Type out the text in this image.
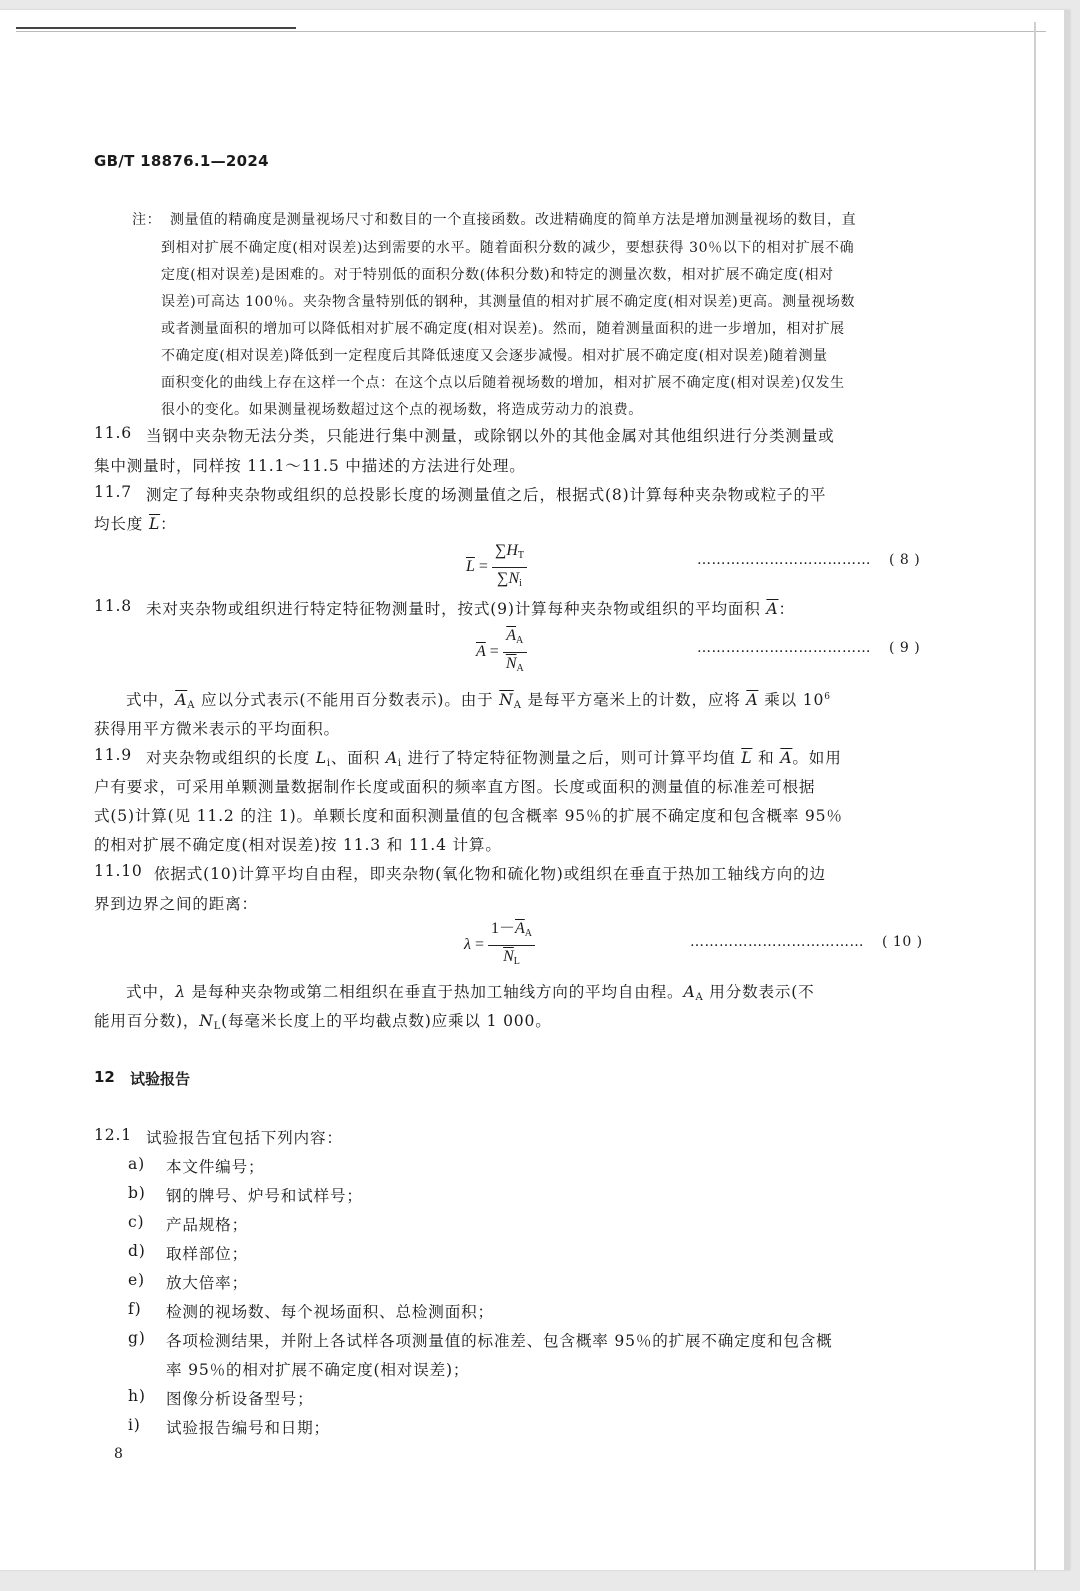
GB/T 18876.1—2024
注： 测量值的精确度是测量视场尺寸和数目的一个直接函数。改进精确度的简单方法是增加测量视场的数目，直
到相对扩展不确定度(相对误差)达到需要的水平。随着面积分数的减少，要想获得 30％以下的相对扩展不确
定度(相对误差)是困难的。对于特别低的面积分数(体积分数)和特定的测量次数，相对扩展不确定度(相对
误差)可高达 100％。夹杂物含量特别低的钢种，其测量值的相对扩展不确定度(相对误差)更高。测量视场数
或者测量面积的增加可以降低相对扩展不确定度(相对误差)。然而，随着测量面积的进一步增加，相对扩展
不确定度(相对误差)降低到一定程度后其降低速度又会逐步减慢。相对扩展不确定度(相对误差)随着测量
面积变化的曲线上存在这样一个点：在这个点以后随着视场数的增加，相对扩展不确定度(相对误差)仅发生
很小的变化。如果测量视场数超过这个点的视场数，将造成劳动力的浪费。
11.6 当钢中夹杂物无法分类，只能进行集中测量，或除钢以外的其他金属对其他组织进行分类测量或
集中测量时，同样按 11.1～11.5 中描述的方法进行处理。
11.7 测定了每种夹杂物或组织的总投影长度的场测量值之后，根据式(8)计算每种夹杂物或粒子的平
均长度 $\overline{L}$：
$\overline{L} = \frac{\sum H_T}{\sum N_i}$	……………………………… ( 8 )
11.8 未对夹杂物或组织进行特定特征物测量时，按式(9)计算每种夹杂物或组织的平均面积 $\overline{A}$：
$\overline{A} = \frac{\overline{A}_A}{\overline{N}_A}$	……………………………… ( 9 )
式中，$\overline{A}_A$ 应以分式表示(不能用百分数表示)。由于 $\overline{N}_A$ 是每平方毫米上的计数，应将 $\overline{A}$ 乘以 $10^6$
获得用平方微米表示的平均面积。
11.9 对夹杂物或组织的长度 $L_i$、面积 $A_i$ 进行了特定特征物测量之后，则可计算平均值 $\overline{L}$ 和 $\overline{A}$。如用
户有要求，可采用单颗测量数据制作长度或面积的频率直方图。长度或面积的测量值的标准差可根据
式(5)计算(见 11.2 的注 1)。单颗长度和面积测量值的包含概率 95％的扩展不确定度和包含概率 95％
的相对扩展不确定度(相对误差)按 11.3 和 11.4 计算。
11.10 依据式(10)计算平均自由程，即夹杂物(氧化物和硫化物)或组织在垂直于热加工轴线方向的边
界到边界之间的距离：
$\lambda = \frac{1-\overline{A}_A}{\overline{N}_L}$	……………………………… ( 10 )
式中，λ 是每种夹杂物或第二相组织在垂直于热加工轴线方向的平均自由程。$A_A$ 用分数表示(不
能用百分数)，$N_L$(每毫米长度上的平均截点数)应乘以 1 000。
12 试验报告
12.1 试验报告宜包括下列内容：
a) 本文件编号；
b) 钢的牌号、炉号和试样号；
c) 产品规格；
d) 取样部位；
e) 放大倍率；
f) 检测的视场数、每个视场面积、总检测面积；
g) 各项检测结果，并附上各试样各项测量值的标准差、包含概率 95％的扩展不确定度和包含概
率 95％的相对扩展不确定度(相对误差)；
h) 图像分析设备型号；
i) 试验报告编号和日期；
8
